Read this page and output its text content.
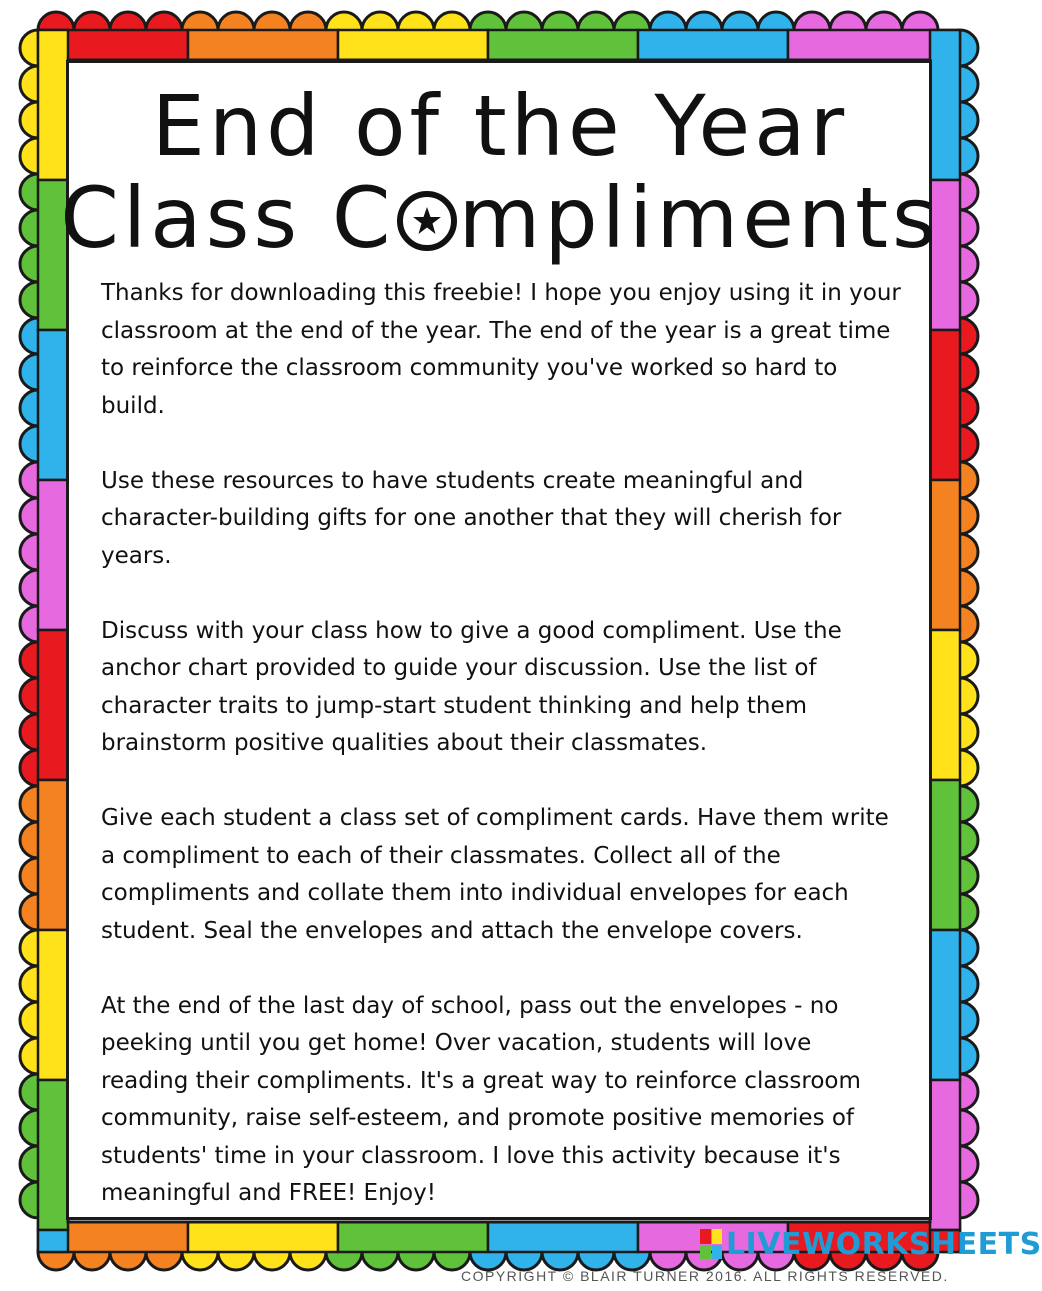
End of the Year
Class C mpliments

Thanks for downloading this freebie! I hope you enjoy using it in your classroom at the end of the year. The end of the year is a great time to reinforce the classroom community you've worked so hard to build.

Use these resources to have students create meaningful and character-building gifts for one another that they will cherish for years.

Discuss with your class how to give a good compliment. Use the anchor chart provided to guide your discussion. Use the list of character traits to jump-start student thinking and help them brainstorm positive qualities about their classmates.

Give each student a class set of compliment cards. Have them write a compliment to each of their classmates. Collect all of the compliments and collate them into individual envelopes for each student. Seal the envelopes and attach the envelope covers.

At the end of the last day of school, pass out the envelopes - no peeking until you get home! Over vacation, students will love reading their compliments. It's a great way to reinforce classroom community, raise self-esteem, and promote positive memories of students' time in your classroom. I love this activity because it's meaningful and FREE! Enjoy!

COPYRIGHT © BLAIR TURNER 2016. ALL RIGHTS RESERVED.
LIVEWORKSHEETS
